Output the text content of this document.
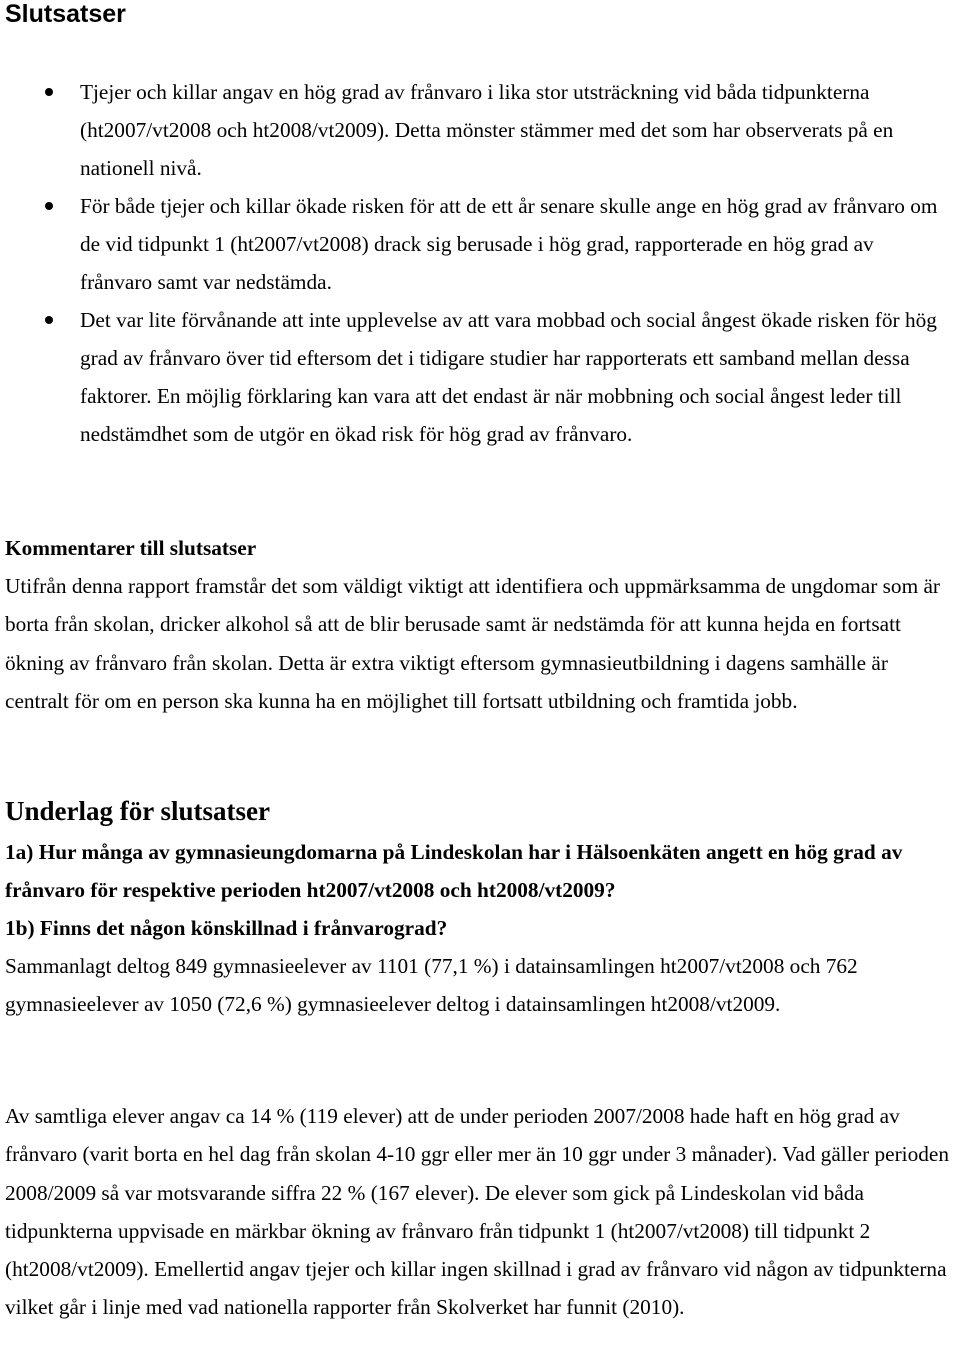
Slutsatser
Tjejer och killar angav en hög grad av frånvaro i lika stor utsträckning vid båda tidpunkterna (ht2007/vt2008 och ht2008/vt2009). Detta mönster stämmer med det som har observerats på en nationell nivå.
För både tjejer och killar ökade risken för att de ett år senare skulle ange en hög grad av frånvaro om de vid tidpunkt 1 (ht2007/vt2008) drack sig berusade i hög grad, rapporterade en hög grad av frånvaro samt var nedstämda.
Det var lite förvånande att inte upplevelse av att vara mobbad och social ångest ökade risken för hög grad av frånvaro över tid eftersom det i tidigare studier har rapporterats ett samband mellan dessa faktorer. En möjlig förklaring kan vara att det endast är när mobbning och social ångest leder till nedstämdhet som de utgör en ökad risk för hög grad av frånvaro.
Kommentarer till slutsatser

Utifrån denna rapport framstår det som väldigt viktigt att identifiera och uppmärksamma de ungdomar som är borta från skolan, dricker alkohol så att de blir berusade samt är nedstämda för att kunna hejda en fortsatt ökning av frånvaro från skolan. Detta är extra viktigt eftersom gymnasieutbildning i dagens samhälle är centralt för om en person ska kunna ha en möjlighet till fortsatt utbildning och framtida jobb.

Underlag för slutsatser

1a) Hur många av gymnasieungdomarna på Lindeskolan har i Hälsoenkäten angett en hög grad av frånvaro för respektive perioden ht2007/vt2008 och ht2008/vt2009?

1b) Finns det någon könskillnad i frånvarograd?

Sammanlagt deltog 849 gymnasieelever av 1101 (77,1 %) i datainsamlingen ht2007/vt2008 och 762 gymnasieelever av 1050 (72,6 %) gymnasieelever deltog i datainsamlingen ht2008/vt2009.

Av samtliga elever angav ca 14 % (119 elever) att de under perioden 2007/2008 hade haft en hög grad av frånvaro (varit borta en hel dag från skolan 4-10 ggr eller mer än 10 ggr under 3 månader). Vad gäller perioden 2008/2009 så var motsvarande siffra 22 % (167 elever). De elever som gick på Lindeskolan vid båda tidpunkterna uppvisade en märkbar ökning av frånvaro från tidpunkt 1 (ht2007/vt2008) till tidpunkt 2 (ht2008/vt2009). Emellertid angav tjejer och killar ingen skillnad i grad av frånvaro vid någon av tidpunkterna vilket går i linje med vad nationella rapporter från Skolverket har funnit (2010).
